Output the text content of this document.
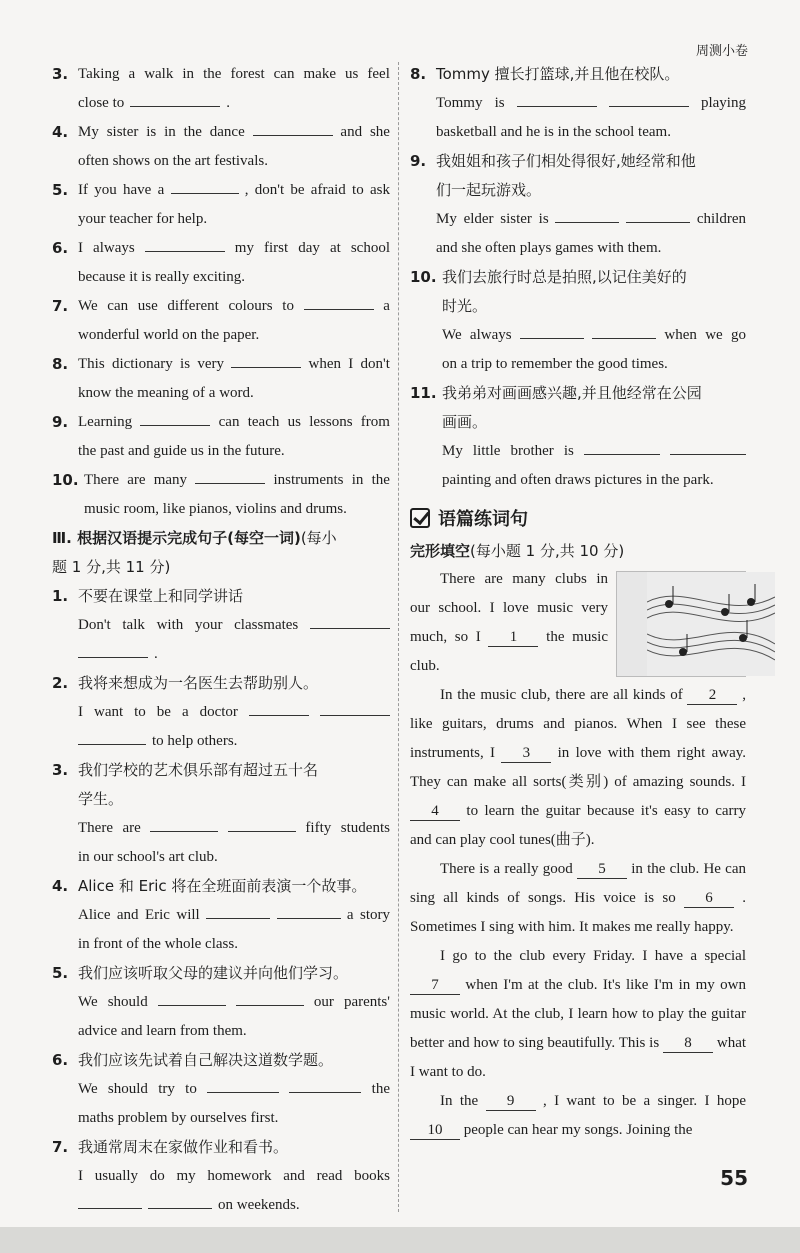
周测小卷
3. Taking a walk in the forest can make us feel
close to	.
4. My sister is in the dance	and she
often shows on the art festivals.
5. If you have a	, don't be afraid to ask
your teacher for help.
6. I always	my first day at school
because it is really exciting.
7. We can use different colours to	a
wonderful world on the paper.
8. This dictionary is very	when I don't
know the meaning of a word.
9. Learning	can teach us lessons from
the past and guide us in the future.
10. There are many	instruments in the
music room, like pianos, violins and drums.
Ⅲ. 根据汉语提示完成句子(每空一词)(每小
题 1 分,共 11 分)
1. 不要在课堂上和同学讲话
Don't talk with your classmates
.
2. 我将来想成为一名医生去帮助别人。
I want to be a doctor
to help others.
3. 我们学校的艺术俱乐部有超过五十名
学生。
There are	fifty students
in our school's art club.
4. Alice 和 Eric 将在全班面前表演一个故事。
Alice and Eric will	a story
in front of the whole class.
5. 我们应该听取父母的建议并向他们学习。
We should	our parents'
advice and learn from them.
6. 我们应该先试着自己解决这道数学题。
We should try to	the
maths problem by ourselves first.
7. 我通常周末在家做作业和看书。
I usually do my homework and read books
on weekends.
8. Tommy 擅长打篮球,并且他在校队。
Tommy is	playing
basketball and he is in the school team.
9. 我姐姐和孩子们相处得很好,她经常和他
们一起玩游戏。
My elder sister is	children
and she often plays games with them.
10. 我们去旅行时总是拍照,以记住美好的
时光。
We always	when we go
on a trip to remember the good times.
11. 我弟弟对画画感兴趣,并且他经常在公园
画画。
My little brother is
painting and often draws pictures in the park.
语篇练词句
完形填空(每小题 1 分,共 10 分)
There are many clubs in our school. I love music very much, so I 1 the music club.
In the music club, there are all kinds of 2 , like guitars, drums and pianos. When I see these instruments, I 3 in love with them right away. They can make all sorts(类别) of amazing sounds. I 4 to learn the guitar because it's easy to carry and can play cool tunes(曲子).
There is a really good 5 in the club. He can sing all kinds of songs. His voice is so 6 . Sometimes I sing with him. It makes me really happy.
I go to the club every Friday. I have a special 7 when I'm at the club. It's like I'm in my own music world. At the club, I learn how to play the guitar better and how to sing beautifully. This is 8 what I want to do.
In the 9 , I want to be a singer. I hope 10 people can hear my songs. Joining the
55
